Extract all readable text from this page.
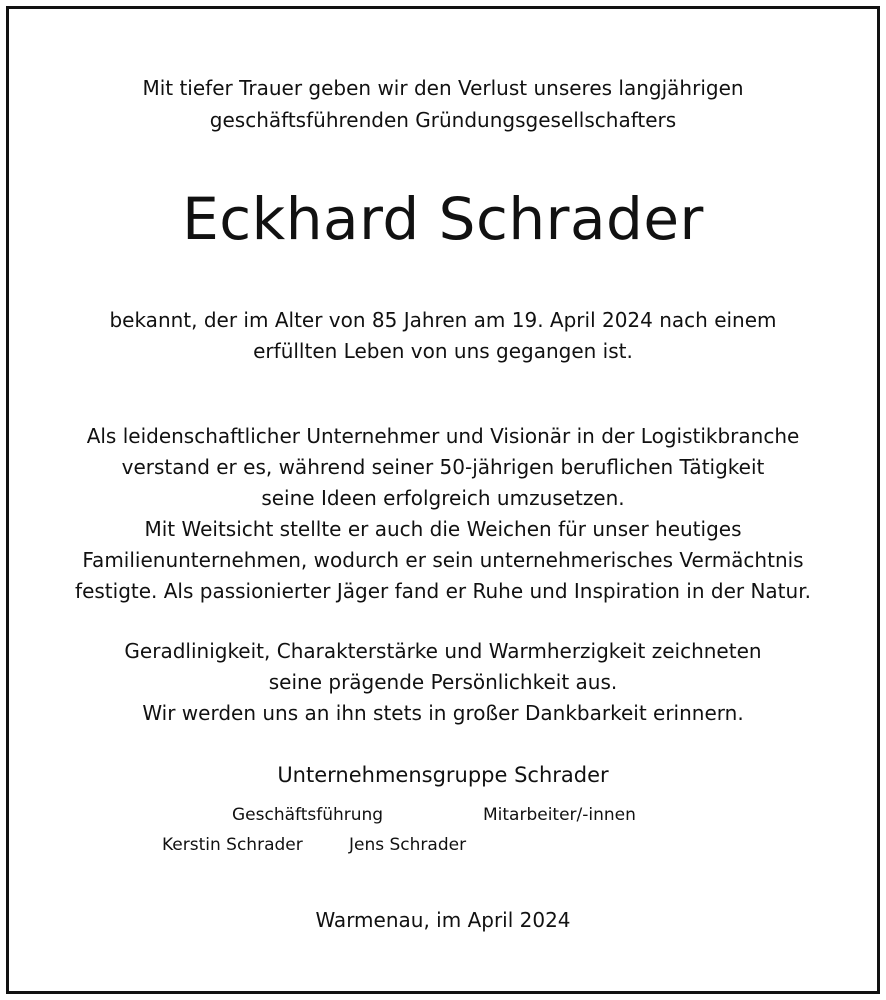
Mit tiefer Trauer geben wir den Verlust unseres langjährigen
geschäftsführenden Gründungsgesellschafters
Eckhard Schrader
bekannt, der im Alter von 85 Jahren am 19. April 2024 nach einem
erfüllten Leben von uns gegangen ist.
Als leidenschaftlicher Unternehmer und Visionär in der Logistikbranche
verstand er es, während seiner 50-jährigen beruflichen Tätigkeit
seine Ideen erfolgreich umzusetzen.
Mit Weitsicht stellte er auch die Weichen für unser heutiges
Familienunternehmen, wodurch er sein unternehmerisches Vermächtnis
festigte. Als passionierter Jäger fand er Ruhe und Inspiration in der Natur.
Geradlinigkeit, Charakterstärke und Warmherzigkeit zeichneten
seine prägende Persönlichkeit aus.
Wir werden uns an ihn stets in großer Dankbarkeit erinnern.
Unternehmensgruppe Schrader
Geschäftsführung	Mitarbeiter/-innen
Kerstin Schrader	Jens Schrader
Warmenau, im April 2024
